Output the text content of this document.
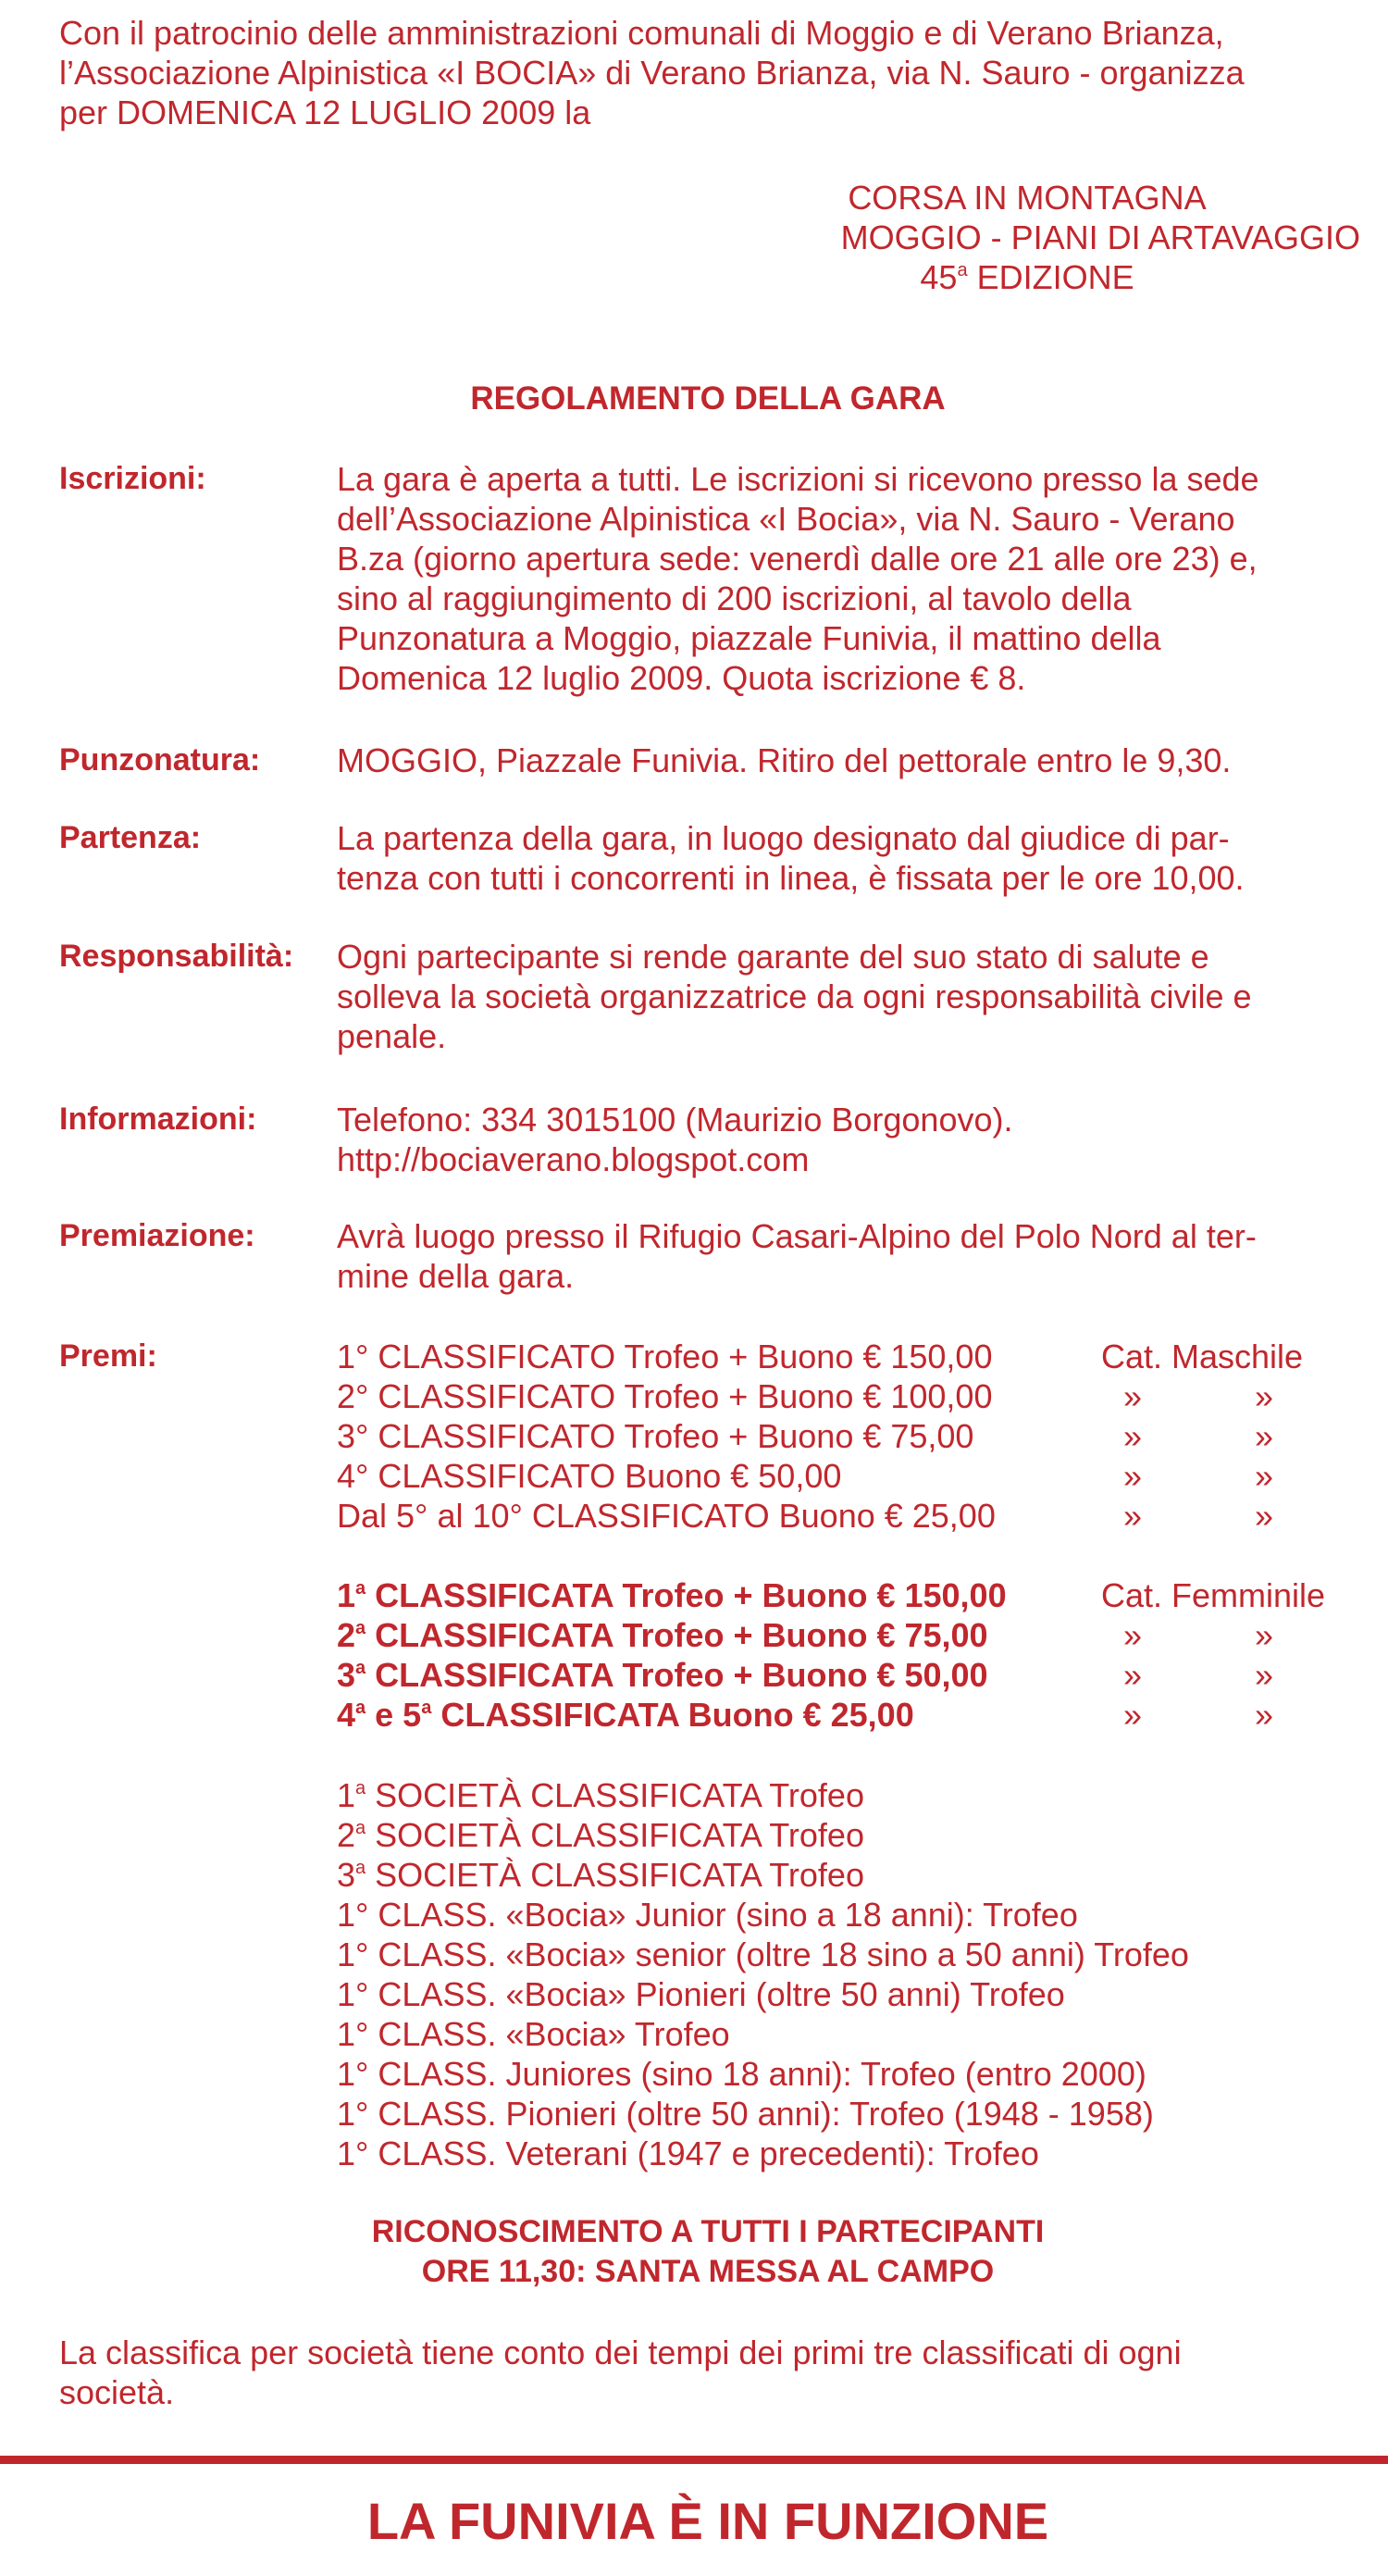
Con il patrocinio delle amministrazioni comunali di Moggio e di Verano Brianza,

l’Associazione Alpinistica «I BOCIA» di Verano Brianza, via N. Sauro - organizza

per DOMENICA 12 LUGLIO 2009 la

CORSA IN MONTAGNA
MOGGIO - PIANI DI ARTAVAGGIO
45$^a$ EDIZIONE
REGOLAMENTO DELLA GARA
Iscrizioni:	La gara è aperta a tutti. Le iscrizioni si ricevono presso la sede
dell’Associazione Alpinistica «I Bocia», via N. Sauro - Verano
B.za (giorno apertura sede: venerdì dalle ore 21 alle ore 23) e,
sino al raggiungimento di 200 iscrizioni, al tavolo della
Punzonatura a Moggio, piazzale Funivia, il mattino della
Domenica 12 luglio 2009. Quota iscrizione € 8.
Punzonatura: MOGGIO, Piazzale Funivia. Ritiro del pettorale entro le 9,30.
Partenza:	La partenza della gara, in luogo designato dal giudice di par-
tenza con tutti i concorrenti in linea, è fissata per le ore 10,00.
Responsabilità: Ogni partecipante si rende garante del suo stato di salute e
solleva la società organizzatrice da ogni responsabilità civile e
penale.
Informazioni: Telefono: 334 3015100 (Maurizio Borgonovo).
http://bociaverano.blogspot.com
Premiazione: Avrà luogo presso il Rifugio Casari-Alpino del Polo Nord al ter-
mine della gara.
Premi:	1° CLASSIFICATO Trofeo + Buono € 150,00	Cat. Maschile
2° CLASSIFICATO Trofeo + Buono € 100,00	»	»
3° CLASSIFICATO Trofeo + Buono € 75,00	»	»
4° CLASSIFICATO Buono € 50,00	»	»
Dal 5° al 10° CLASSIFICATO Buono € 25,00	»	»
1$^a$ CLASSIFICATA Trofeo + Buono € 150,00	Cat. Femminile
2$^a$ CLASSIFICATA Trofeo + Buono € 75,00	»	»
3$^a$ CLASSIFICATA Trofeo + Buono € 50,00	»	»
4$^a$ e 5$^a$ CLASSIFICATA Buono € 25,00	»	»
1$^a$ SOCIETÀ CLASSIFICATA Trofeo
2$^a$ SOCIETÀ CLASSIFICATA Trofeo
3$^a$ SOCIETÀ CLASSIFICATA Trofeo
1° CLASS. «Bocia» Junior (sino a 18 anni): Trofeo
1° CLASS. «Bocia» senior (oltre 18 sino a 50 anni) Trofeo
1° CLASS. «Bocia» Pionieri (oltre 50 anni) Trofeo
1° CLASS. «Bocia» Trofeo
1° CLASS. Juniores (sino 18 anni): Trofeo (entro 2000)
1° CLASS. Pionieri (oltre 50 anni): Trofeo (1948 - 1958)
1° CLASS. Veterani (1947 e precedenti): Trofeo
RICONOSCIMENTO A TUTTI I PARTECIPANTI
ORE 11,30: SANTA MESSA AL CAMPO
La classifica per società tiene conto dei tempi dei primi tre classificati di ogni
società.
LA FUNIVIA È IN FUNZIONE
